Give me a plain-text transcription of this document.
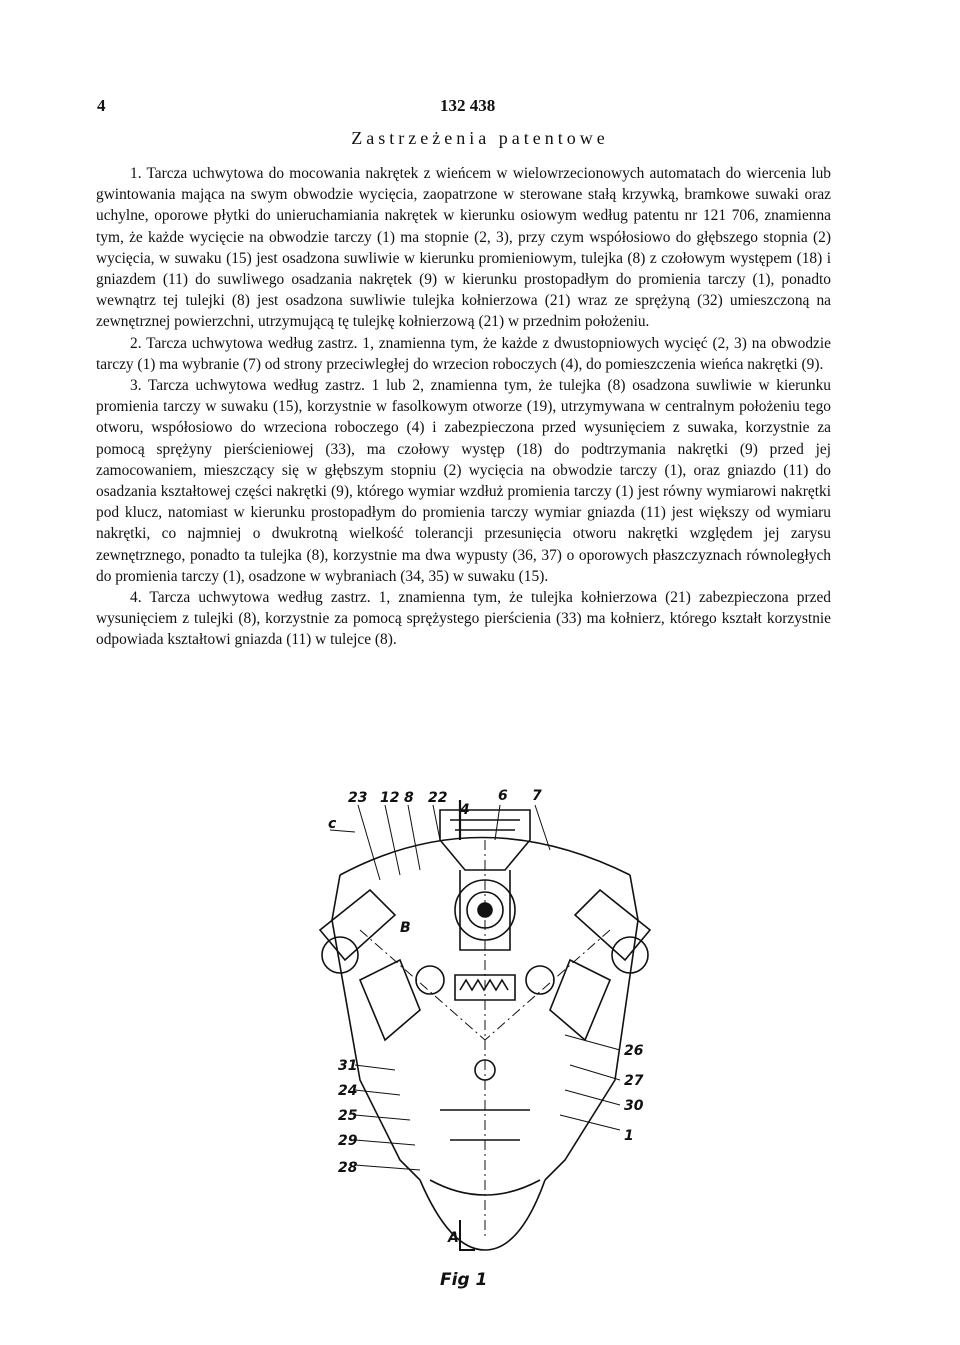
4	132 438
Zastrzeżenia patentowe

1. Tarcza uchwytowa do mocowania nakrętek z wieńcem w wielowrzecionowych automatach do wiercenia lub gwintowania mająca na swym obwodzie wycięcia, zaopatrzone w sterowane stałą krzywką, bramkowe suwaki oraz uchylne, oporowe płytki do unieruchamiania nakrętek w kierunku osiowym według patentu nr 121 706, znamienna tym, że każde wycięcie na obwodzie tarczy (1) ma stopnie (2, 3), przy czym współosiowo do głębszego stopnia (2) wycięcia, w suwaku (15) jest osadzona suwliwie w kierunku promieniowym, tulejka (8) z czołowym występem (18) i gniazdem (11) do suwliwego osadzania nakrętek (9) w kierunku prostopadłym do promienia tarczy (1), ponadto wewnątrz tej tulejki (8) jest osadzona suwliwie tulejka kołnierzowa (21) wraz ze sprężyną (32) umieszczoną na zewnętrznej powierzchni, utrzymującą tę tulejkę kołnierzową (21) w przednim położeniu.

2. Tarcza uchwytowa według zastrz. 1, znamienna tym, że każde z dwustopniowych wycięć (2, 3) na obwodzie tarczy (1) ma wybranie (7) od strony przeciwległej do wrzecion roboczych (4), do pomieszczenia wieńca nakrętki (9).

3. Tarcza uchwytowa według zastrz. 1 lub 2, znamienna tym, że tulejka (8) osadzona suwliwie w kierunku promienia tarczy w suwaku (15), korzystnie w fasolkowym otworze (19), utrzymywana w centralnym położeniu tego otworu, współosiowo do wrzeciona roboczego (4) i zabezpieczona przed wysunięciem z suwaka, korzystnie za pomocą sprężyny pierścieniowej (33), ma czołowy występ (18) do podtrzymania nakrętki (9) przed jej zamocowaniem, mieszczący się w głębszym stopniu (2) wycięcia na obwodzie tarczy (1), oraz gniazdo (11) do osadzania kształtowej części nakrętki (9), którego wymiar wzdłuż promienia tarczy (1) jest równy wymiarowi nakrętki pod klucz, natomiast w kierunku prostopadłym do promienia tarczy wymiar gniazda (11) jest większy od wymiaru nakrętki, co najmniej o dwukrotną wielkość tolerancji przesunięcia otworu nakrętki względem jej zarysu zewnętrznego, ponadto ta tulejka (8), korzystnie ma dwa wypusty (36, 37) o oporowych płaszczyznach równoległych do promienia tarczy (1), osadzone w wybraniach (34, 35) w suwaku (15).

4. Tarcza uchwytowa według zastrz. 1, znamienna tym, że tulejka kołnierzowa (21) zabezpieczona przed wysunięciem z tulejki (8), korzystnie za pomocą sprężystego pierścienia (33) ma kołnierz, którego kształt korzystnie odpowiada kształtowi gniazda (11) w tulejce (8).

23 12 8 22
4
6 7
26
27
30
1
31
24
25
29
28
A
B
c
Fig 1
